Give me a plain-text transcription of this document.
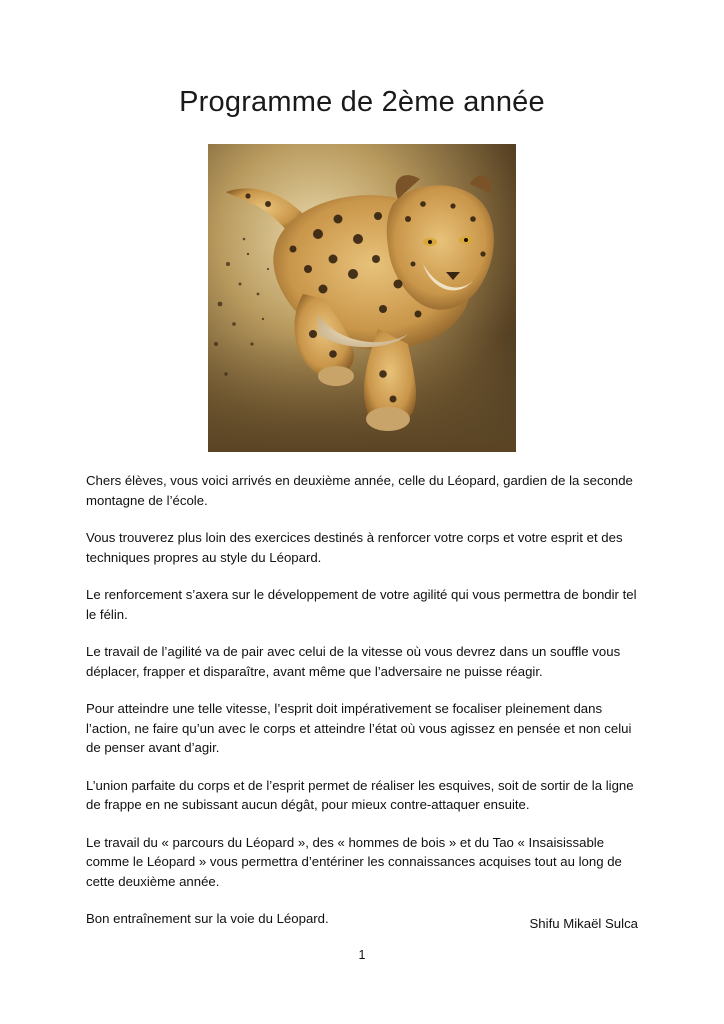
Programme de 2ème année

Chers élèves, vous voici arrivés en deuxième année, celle du Léopard, gardien de la seconde montagne de l’école.

Vous trouverez plus loin des exercices destinés à renforcer votre corps et votre esprit et des techniques propres au style du Léopard.

Le renforcement s’axera sur le développement de votre agilité qui vous permettra de bondir tel le félin.

Le travail de l’agilité va de pair avec celui de la vitesse où vous devrez dans un souffle vous déplacer, frapper et disparaître, avant même que l’adversaire ne puisse réagir.

Pour atteindre une telle vitesse, l’esprit doit impérativement se focaliser pleinement dans l’action, ne faire qu’un avec le corps et atteindre l’état où vous agissez en pensée et non celui de penser avant d’agir.

L’union parfaite du corps et de l’esprit permet de réaliser les esquives, soit de sortir de la ligne de frappe en ne subissant aucun dégât, pour mieux contre-attaquer ensuite.

Le travail du « parcours du Léopard », des « hommes de bois » et du Tao « Insaisissable comme le Léopard » vous permettra d’entériner les connaissances acquises tout au long de cette deuxième année.

Bon entraînement sur la voie du Léopard.	Shifu Mikaël Sulca
1
